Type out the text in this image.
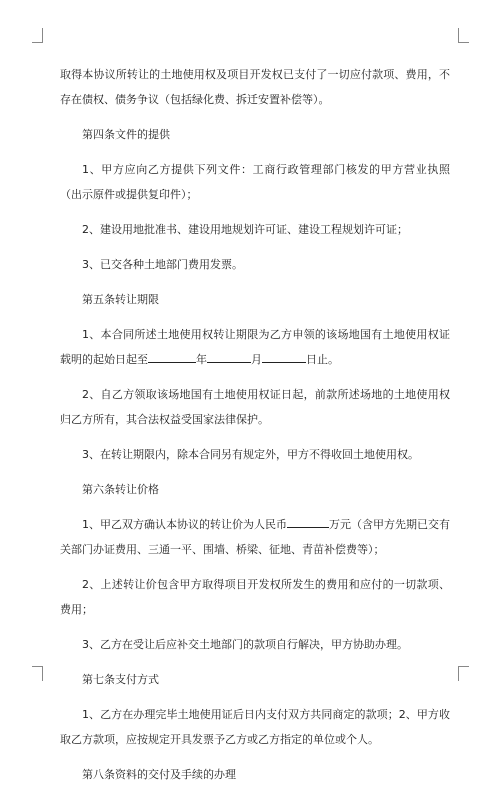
取得本协议所转让的土地使用权及项目开发权已支付了一切应付款项、费用，不存在债权、债务争议（包括绿化费、拆迁安置补偿等）。

第四条文件的提供

1、甲方应向乙方提供下列文件：工商行政管理部门核发的甲方营业执照（出示原件或提供复印件）；

2、建设用地批准书、建设用地规划许可证、建设工程规划许可证；

3、已交各种土地部门费用发票。

第五条转让期限

1、本合同所述土地使用权转让期限为乙方申领的该场地国有土地使用权证载明的起始日起至	年	月	日止。

2、自乙方领取该场地国有土地使用权证日起，前款所述场地的土地使用权归乙方所有，其合法权益受国家法律保护。

3、在转让期限内，除本合同另有规定外，甲方不得收回土地使用权。

第六条转让价格

1、甲乙双方确认本协议的转让价为人民币	万元（含甲方先期已交有关部门办证费用、三通一平、围墙、桥梁、征地、青苗补偿费等）；

2、上述转让价包含甲方取得项目开发权所发生的费用和应付的一切款项、费用；

3、乙方在受让后应补交土地部门的款项自行解决，甲方协助办理。

第七条支付方式

1、乙方在办理完毕土地使用证后日内支付双方共同商定的款项；2、甲方收取乙方款项，应按规定开具发票予乙方或乙方指定的单位或个人。

第八条资料的交付及手续的办理
